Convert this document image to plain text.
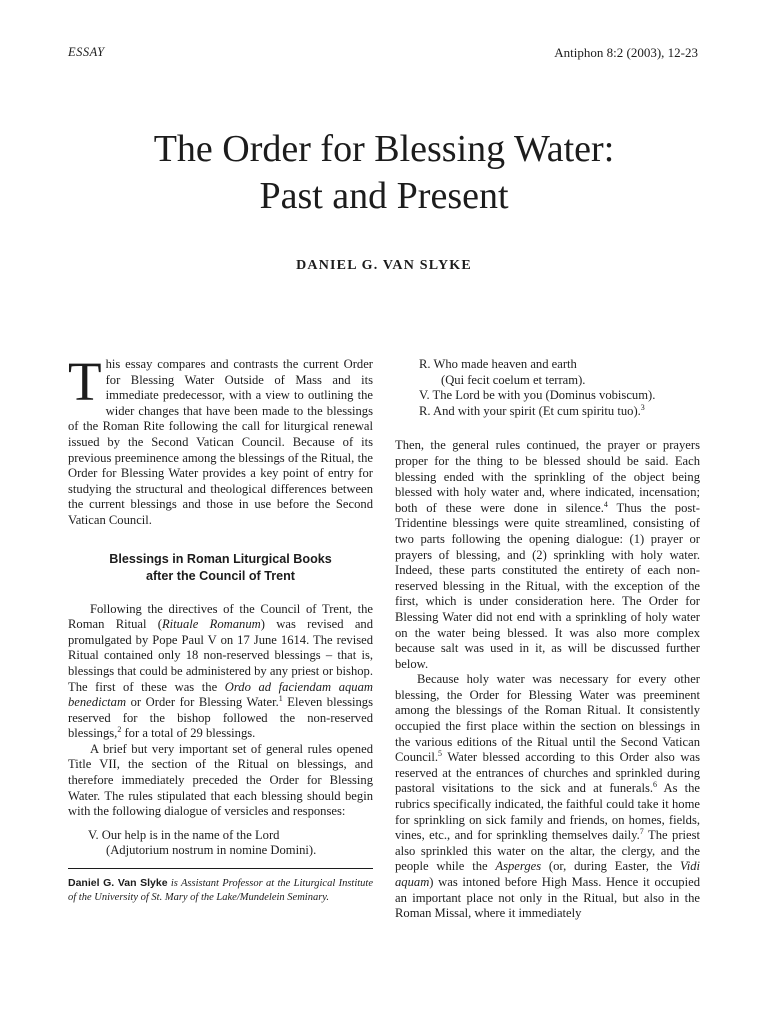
ESSAY	Antiphon 8:2 (2003), 12-23
The Order for Blessing Water:
Past and Present
DANIEL G. VAN SLYKE

This essay compares and contrasts the current Order for Blessing Water Outside of Mass and its immediate predecessor, with a view to outlining the wider changes that have been made to the blessings of the Roman Rite following the call for liturgical renewal issued by the Second Vatican Council. Because of its previous preeminence among the blessings of the Ritual, the Order for Blessing Water provides a key point of entry for studying the structural and theological differences between the current blessings and those in use before the Second Vatican Council.

Blessings in Roman Liturgical Books
after the Council of Trent

Following the directives of the Council of Trent, the Roman Ritual (Rituale Romanum) was revised and promulgated by Pope Paul V on 17 June 1614. The revised Ritual contained only 18 non-reserved blessings – that is, blessings that could be administered by any priest or bishop. The first of these was the Ordo ad faciendam aquam benedictam or Order for Blessing Water.$^1$ Eleven blessings reserved for the bishop followed the non-reserved blessings,$^2$ for a total of 29 blessings.

A brief but very important set of general rules opened Title VII, the section of the Ritual on blessings, and therefore immediately preceded the Order for Blessing Water. The rules stipulated that each blessing should begin with the following dialogue of versicles and responses:

V. Our help is in the name of the Lord
(Adjutorium nostrum in nomine Domini).
Daniel G. Van Slyke is Assistant Professor at the Liturgical Institute of the University of St. Mary of the Lake/Mundelein Seminary.
R. Who made heaven and earth
(Qui fecit coelum et terram).
V. The Lord be with you (Dominus vobiscum).
R. And with your spirit (Et cum spiritu tuo).$^3$

Then, the general rules continued, the prayer or prayers proper for the thing to be blessed should be said. Each blessing ended with the sprinkling of the object being blessed with holy water and, where indicated, incensation; both of these were done in silence.$^4$ Thus the post-Tridentine blessings were quite streamlined, consisting of two parts following the opening dialogue: (1) prayer or prayers of blessing, and (2) sprinkling with holy water. Indeed, these parts constituted the entirety of each non-reserved blessing in the Ritual, with the exception of the first, which is under consideration here. The Order for Blessing Water did not end with a sprinkling of holy water on the water being blessed. It was also more complex because salt was used in it, as will be discussed further below.

Because holy water was necessary for every other blessing, the Order for Blessing Water was preeminent among the blessings of the Roman Ritual. It consistently occupied the first place within the section on blessings in the various editions of the Ritual until the Second Vatican Council.$^5$ Water blessed according to this Order also was reserved at the entrances of churches and sprinkled during pastoral visitations to the sick and at funerals.$^6$ As the rubrics specifically indicated, the faithful could take it home for sprinkling on sick family and friends, on homes, fields, vines, etc., and for sprinkling themselves daily.$^7$ The priest also sprinkled this water on the altar, the clergy, and the people while the Asperges (or, during Easter, the Vidi aquam) was intoned before High Mass. Hence it occupied an important place not only in the Ritual, but also in the Roman Missal, where it immediately
